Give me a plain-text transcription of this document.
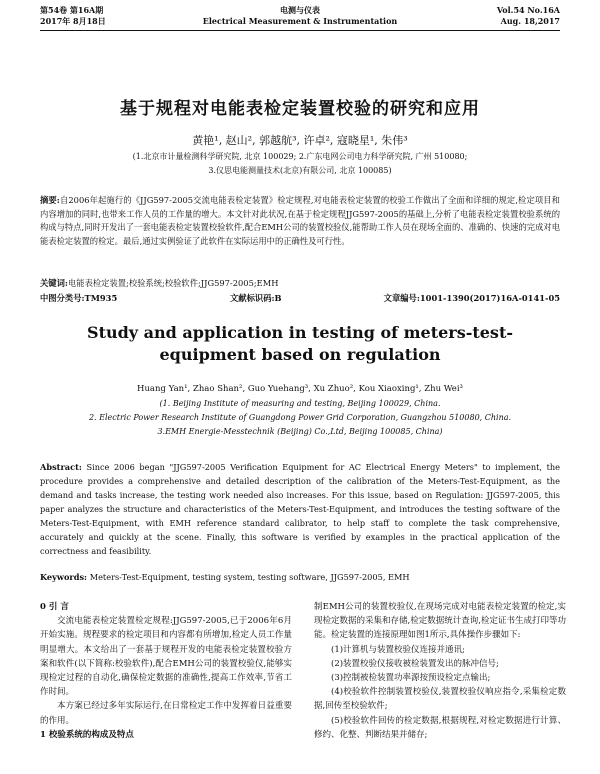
第54卷 第16A期
2017年 8月18日
电测与仪表
Electrical Measurement & Instrumentation
Vol.54 No.16A
Aug. 18,2017
基于规程对电能表检定装置校验的研究和应用
黄艳¹, 赵山², 郭越航³, 许卓², 寇晓星¹, 朱伟³
(1.北京市计量检测科学研究院, 北京 100029; 2.广东电网公司电力科学研究院, 广州 510080;
3.仪思电能测量技术(北京)有限公司, 北京 100085)
摘要:自2006年起施行的《JJG597-2005交流电能表检定装置》检定规程,对电能表检定装置的校验工作做出了全面和详细的规定,检定项目和内容增加的同时,也带来工作人员的工作量的增大。本文针对此状况,在基于检定规程JJG597-2005的基础上,分析了电能表检定装置校验系统的构成与特点,同时开发出了一套电能表检定装置校验软件,配合EMH公司的装置校验仪,能帮助工作人员在现场全面的、准确的、快速的完成对电能表检定装置的检定。最后,通过实例验证了此软件在实际运用中的正确性及可行性。
关键词:电能表检定装置;校验系统;校验软件;JJG597-2005;EMH
中图分类号:TM935	文献标识码:B	文章编号:1001-1390(2017)16A-0141-05
Study and application in testing of meters-test-equipment based on regulation
Huang Yan¹, Zhao Shan², Guo Yuehang³, Xu Zhuo², Kou Xiaoxing¹, Zhu Wei³
(1. Beijing Institute of measuring and testing, Beijing 100029, China.
2. Electric Power Research Institute of Guangdong Power Grid Corporation, Guangzhou 510080, China.
3.EMH Energie-Messtechnik (Beijing) Co.,Ltd, Beijing 100085, China)
Abstract: Since 2006 began "JJG597-2005 Verification Equipment for AC Electrical Energy Meters" to implement, the procedure provides a comprehensive and detailed description of the calibration of the Meters-Test-Equipment, as the demand and tasks increase, the testing work needed also increases. For this issue, based on Regulation: JJG597-2005, this paper analyzes the structure and characteristics of the Meters-Test-Equipment, and introduces the testing software of the Meters-Test-Equipment, with EMH reference standard calibrator, to help staff to complete the task comprehensive, accurately and quickly at the scene. Finally, this software is verified by examples in the practical application of the correctness and feasibility.
Keywords: Meters-Test-Equipment, testing system, testing software, JJG597-2005, EMH

0 引 言

交流电能表检定装置检定规程:JJG597-2005,已于2006年6月开始实施。规程要求的检定项目和内容都有所增加,检定人员工作量明显增大。本文给出了一套基于规程开发的电能表检定装置校验方案和软件(以下简称:校验软件),配合EMH公司的装置校验仪,能够实现检定过程的自动化,确保检定数据的准确性,提高工作效率,节省工作时间。

本方案已经过多年实际运行,在日常检定工作中发挥着日益重要的作用。

1 校验系统的构成及特点

制EMH公司的装置校验仪,在现场完成对电能表检定装置的检定,实现检定数据的采集和存储,检定数据统计查询,检定证书生成打印等功能。检定装置的连接原理如图1所示,具体操作步骤如下:

(1)计算机与装置校验仪连接并通讯;

(2)装置校验仪接收被检装置发出的脉冲信号;

(3)控制被检装置功率源按预设检定点输出;

(4)校验软件控制装置校验仪,装置校验仪响应指令,采集检定数据,回传至校验软件;

(5)校验软件回传的检定数据,根据规程,对检定数据进行计算、修约、化整、判断结果并储存;
